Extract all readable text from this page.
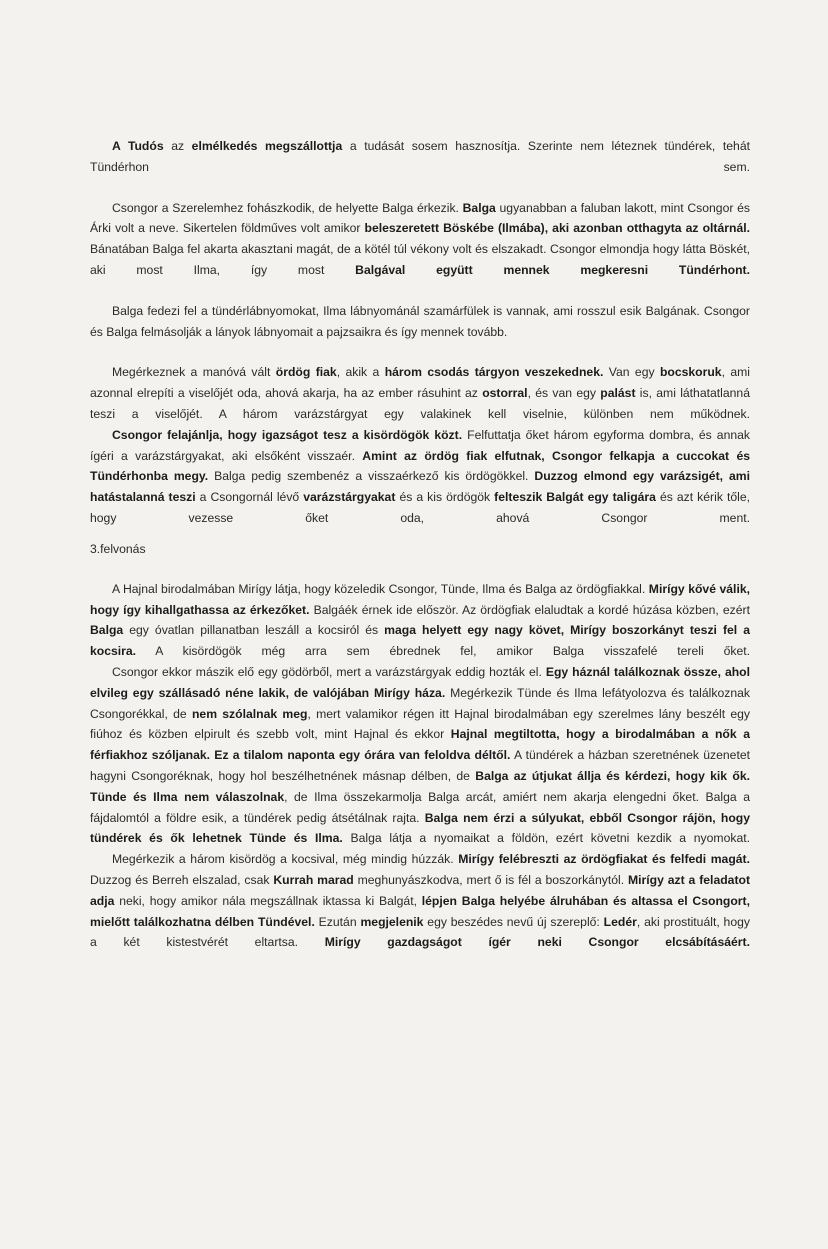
A Tudós az elmélkedés megszállottja a tudását sosem hasznosítja. Szerinte nem léteznek tündérek, tehát Tündérhon sem.

Csongor a Szerelemhez fohászkodik, de helyette Balga érkezik. Balga ugyanabban a faluban lakott, mint Csongor és Árki volt a neve. Sikertelen földműves volt amikor beleszeretett Böskébe (Ilmába), aki azonban otthagyta az oltárnál. Bánatában Balga fel akarta akasztani magát, de a kötél túl vékony volt és elszakadt. Csongor elmondja hogy látta Böskét, aki most Ilma, így most Balgával együtt mennek megkeresni Tündérhont.

Balga fedezi fel a tündérlábnyomokat, Ilma lábnyománál szamárfülek is vannak, ami rosszul esik Balgának. Csongor és Balga felmásolják a lányok lábnyomait a pajzsaikra és így mennek tovább.

Megérkeznek a manóvá vált ördög fiak, akik a három csodás tárgyon veszekednek. Van egy bocskoruk, ami azonnal elrepíti a viselőjét oda, ahová akarja, ha az ember rásuhint az ostorral, és van egy palást is, ami láthatatlanná teszi a viselőjét. A három varázstárgyat egy valakinek kell viselnie, különben nem működnek.

Csongor felajánlja, hogy igazságot tesz a kisördögök közt. Felfuttatja őket három egyforma dombra, és annak ígéri a varázstárgyakat, aki elsőként visszaér. Amint az ördög fiak elfutnak, Csongor felkapja a cuccokat és Tündérhonba megy. Balga pedig szembenéz a visszaérkező kis ördögökkel. Duzzog elmond egy varázsigét, ami hatástalanná teszi a Csongornál lévő varázstárgyakat és a kis ördögök felteszik Balgát egy taligára és azt kérik tőle, hogy vezesse őket oda, ahová Csongor ment.

3.felvonás

A Hajnal birodalmában Mirígy látja, hogy közeledik Csongor, Tünde, Ilma és Balga az ördögfiakkal. Mirígy kővé válik, hogy így kihallgathassa az érkezőket. Balgáék érnek ide először. Az ördögfiak elaludtak a kordé húzása közben, ezért Balga egy óvatlan pillanatban leszáll a kocsiról és maga helyett egy nagy követ, Mirígy boszorkányt teszi fel a kocsira. A kisördögök még arra sem ébrednek fel, amikor Balga visszafelé tereli őket.

Csongor ekkor mászik elő egy gödörből, mert a varázstárgyak eddig hozták el. Egy háznál találkoznak össze, ahol elvileg egy szállásadó néne lakik, de valójában Mirígy háza. Megérkezik Tünde és Ilma lefátyolozva és találkoznak Csongorékkal, de nem szólalnak meg, mert valamikor régen itt Hajnal birodalmában egy szerelmes lány beszélt egy fiúhoz és közben elpirult és szebb volt, mint Hajnal és ekkor Hajnal megtiltotta, hogy a birodalmában a nők a férfiakhoz szóljanak. Ez a tilalom naponta egy órára van feloldva déltől. A tündérek a házban szeretnének üzenetet hagyni Csongoréknak, hogy hol beszélhetnének másnap délben, de Balga az útjukat állja és kérdezi, hogy kik ők. Tünde és Ilma nem válaszolnak, de Ilma összekarmolja Balga arcát, amiért nem akarja elengedni őket. Balga a fájdalomtól a földre esik, a tündérek pedig átsétálnak rajta. Balga nem érzi a súlyukat, ebből Csongor rájön, hogy tündérek és ők lehetnek Tünde és Ilma. Balga látja a nyomaikat a földön, ezért követni kezdik a nyomokat.

Megérkezik a három kisördög a kocsival, még mindig húzzák. Mirígy felébreszti az ördögfiakat és felfedi magát. Duzzog és Berreh elszalad, csak Kurrah marad meghunyászkodva, mert ő is fél a boszorkánytól. Mirígy azt a feladatot adja neki, hogy amikor nála megszállnak iktassa ki Balgát, lépjen Balga helyébe álruhában és altassa el Csongort, mielőtt találkozhatna délben Tündével. Ezután megjelenik egy beszédes nevű új szereplő: Ledér, aki prostituált, hogy a két kistestvérét eltartsa. Mirígy gazdagságot ígér neki Csongor elcsábításáért.
